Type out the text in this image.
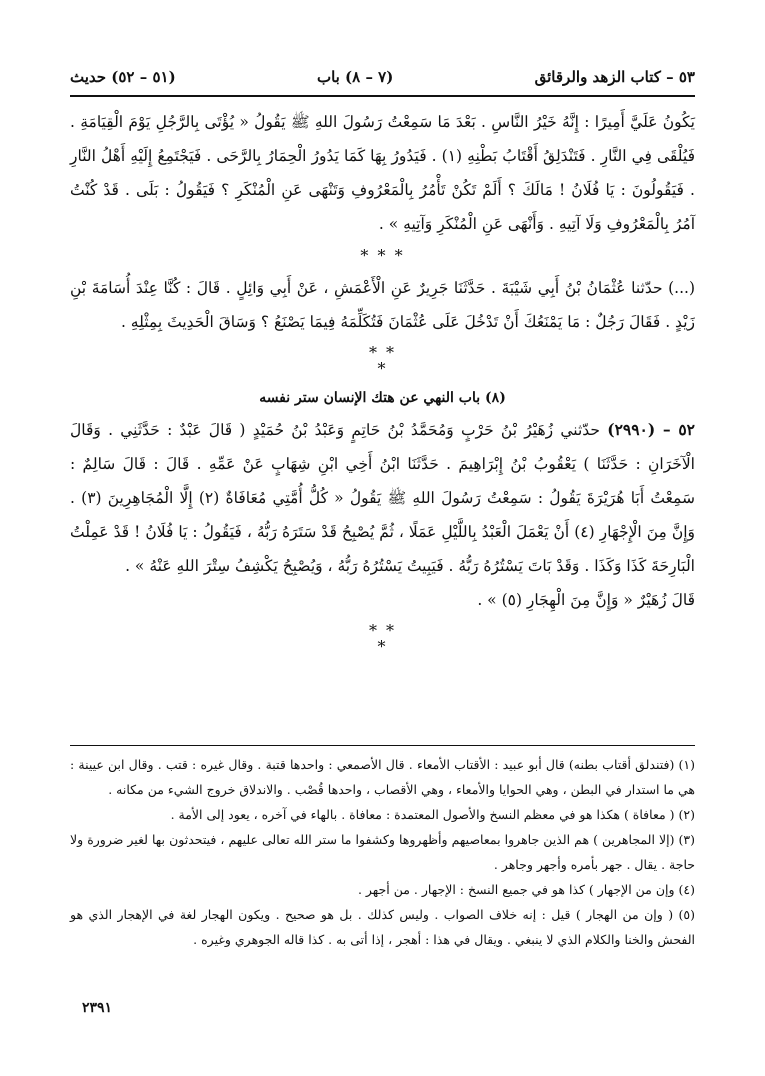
٥٣ – كتاب الزهد والرقائق
(٧ – ٨) باب
(٥١ – ٥٢) حديث

يَكُونُ عَلَيَّ أَمِيرًا : إِنَّهُ خَيْرُ النَّاسِ . بَعْدَ مَا سَمِعْتُ رَسُولَ اللهِ ﷺ يَقُولُ « يُؤْتَى بِالرَّجُلِ يَوْمَ الْقِيَامَةِ . فَيُلْقَى فِي النَّارِ . فَتَنْدَلِقُ أَقْتَابُ بَطْنِهِ (١) . فَيَدُورُ بِهَا كَمَا يَدُورُ الْحِمَارُ بِالرَّحَى . فَيَجْتَمِعُ إِلَيْهِ أَهْلُ النَّارِ . فَيَقُولُونَ : يَا فُلَانُ ! مَالَكَ ؟ أَلَمْ تَكُنْ تَأْمُرُ بِالْمَعْرُوفِ وَتَنْهَى عَنِ الْمُنْكَرِ ؟ فَيَقُولُ : بَلَى . قَدْ كُنْتُ آمُرُ بِالْمَعْرُوفِ وَلَا آتِيهِ . وَأَنْهَى عَنِ الْمُنْكَرِ وَآتِيهِ » .

* * *

(...) حدّثنا عُثْمَانُ بْنُ أَبِي شَيْبَةَ . حَدَّثَنَا جَرِيرٌ عَنِ الْأَعْمَشِ ، عَنْ أَبِي وَائِلٍ . قَالَ : كُنَّا عِنْدَ أُسَامَةَ بْنِ زَيْدٍ . فَقَالَ رَجُلٌ : مَا يَمْنَعُكَ أَنْ تَدْخُلَ عَلَى عُثْمَانَ فَتُكَلِّمَهُ فِيمَا يَصْنَعُ ؟ وَسَاقَ الْحَدِيثَ بِمِثْلِهِ .

* *
*

(٨) باب النهي عن هتك الإنسان ستر نفسه

٥٢ – (٢٩٩٠) حدّثني زُهَيْرُ بْنُ حَرْبٍ وَمُحَمَّدُ بْنُ حَاتِمٍ وَعَبْدُ بْنُ حُمَيْدٍ ( قَالَ عَبْدٌ : حَدَّثَنِي . وَقَالَ الْآخَرَانِ : حَدَّثَنَا ) يَعْقُوبُ بْنُ إِبْرَاهِيمَ . حَدَّثَنَا ابْنُ أَخِي ابْنِ شِهَابٍ عَنْ عَمِّهِ . قَالَ : قَالَ سَالِمٌ : سَمِعْتُ أَبَا هُرَيْرَةَ يَقُولُ : سَمِعْتُ رَسُولَ اللهِ ﷺ يَقُولُ « كُلُّ أُمَّتِي مُعَافَاةٌ (٢) إِلَّا الْمُجَاهِرِينَ (٣) . وَإِنَّ مِنَ الْإِجْهَارِ (٤) أَنْ يَعْمَلَ الْعَبْدُ بِاللَّيْلِ عَمَلًا ، ثُمَّ يُصْبِحُ قَدْ سَتَرَهُ رَبُّهُ ، فَيَقُولُ : يَا فُلَانُ ! قَدْ عَمِلْتُ الْبَارِحَةَ كَذَا وَكَذَا . وَقَدْ بَاتَ يَسْتُرُهُ رَبُّهُ . فَيَبِيتُ يَسْتُرُهُ رَبُّهُ ، وَيُصْبِحُ يَكْشِفُ سِتْرَ اللهِ عَنْهُ » .

قَالَ زُهَيْرٌ « وَإِنَّ مِنَ الْهِجَارِ (٥) » .

* *
*

(١) (فتندلق أقتاب بطنه) قال أبو عبيد : الأقتاب الأمعاء . قال الأصمعي : واحدها قتبة . وقال غيره : قتب . وقال ابن عيينة : هي ما استدار في البطن ، وهي الحوايا والأمعاء ، وهي الأقصاب ، واحدها قُصْب . والاندلاق خروج الشيء من مكانه .

(٢) ( معافاة ) هكذا هو في معظم النسخ والأصول المعتمدة : معافاة . بالهاء في آخره ، يعود إلى الأمة .

(٣) (إلا المجاهرين ) هم الذين جاهروا بمعاصيهم وأظهروها وكشفوا ما ستر الله تعالى عليهم ، فيتحدثون بها لغير ضرورة ولا حاجة . يقال . جهر بأمره وأجهر وجاهر .

(٤) وإن من الإجهار ) كذا هو في جميع النسخ : الإجهار . من أجهر .

(٥) ( وإن من الهجار ) قيل : إنه خلاف الصواب . وليس كذلك . بل هو صحيح . ويكون الهجار لغة في الإهجار الذي هو الفحش والخنا والكلام الذي لا ينبغي . ويقال في هذا : أهجر ، إذا أتى به . كذا قاله الجوهري وغيره .

٢٣٩١
